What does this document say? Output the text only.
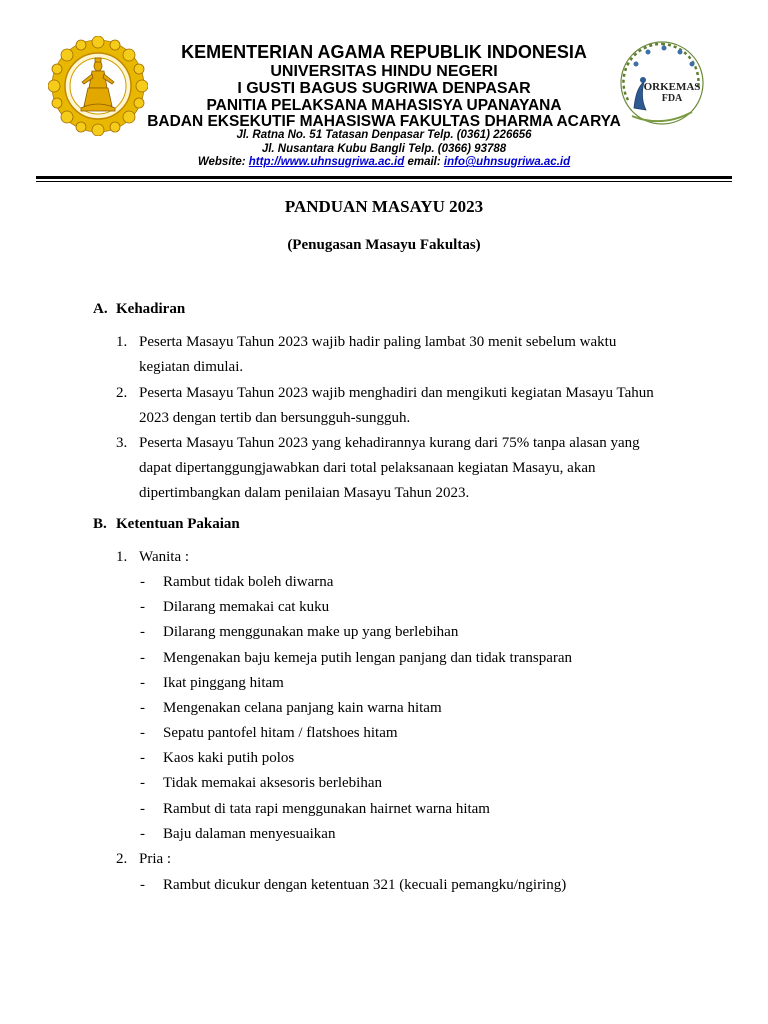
KEMENTERIAN AGAMA REPUBLIK INDONESIA
UNIVERSITAS HINDU NEGERI
I GUSTI BAGUS SUGRIWA DENPASAR
PANITIA PELAKSANA MAHASISYA UPANAYANA
BADAN EKSEKUTIF MAHASISWA FAKULTAS DHARMA ACARYA
Jl. Ratna No. 51 Tatasan Denpasar Telp. (0361) 226656
Jl. Nusantara Kubu Bangli Telp. (0366) 93788
Website: http://www.uhnsugriwa.ac.id email: info@uhnsugriwa.ac.id
ORKEMAS
FDA
PANDUAN MASAYU 2023
(Penugasan Masayu Fakultas)
A. Kehadiran
1. Peserta Masayu Tahun 2023 wajib hadir paling lambat 30 menit sebelum waktu
kegiatan dimulai.
2. Peserta Masayu Tahun 2023 wajib menghadiri dan mengikuti kegiatan Masayu Tahun
2023 dengan tertib dan bersungguh-sungguh.
3. Peserta Masayu Tahun 2023 yang kehadirannya kurang dari 75% tanpa alasan yang
dapat dipertanggungjawabkan dari total pelaksanaan kegiatan Masayu, akan
dipertimbangkan dalam penilaian Masayu Tahun 2023.
B. Ketentuan Pakaian
1. Wanita :
- Rambut tidak boleh diwarna
- Dilarang memakai cat kuku
- Dilarang menggunakan make up yang berlebihan
- Mengenakan baju kemeja putih lengan panjang dan tidak transparan
- Ikat pinggang hitam
- Mengenakan celana panjang kain warna hitam
- Sepatu pantofel hitam / flatshoes hitam
- Kaos kaki putih polos
- Tidak memakai aksesoris berlebihan
- Rambut di tata rapi menggunakan hairnet warna hitam
- Baju dalaman menyesuaikan
2. Pria :
- Rambut dicukur dengan ketentuan 321 (kecuali pemangku/ngiring)
